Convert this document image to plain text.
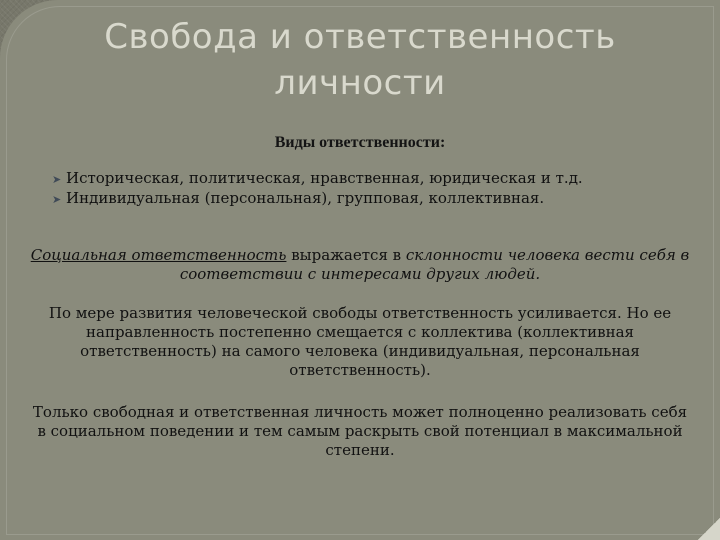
Свобода и ответственность
личности
Виды ответственности:
➤ Историческая, политическая, нравственная, юридическая и т.д.
➤ Индивидуальная (персональная), групповая, коллективная.
Социальная ответственность выражается в склонности человека вести себя в соответствии с интересами других людей.
По мере развития человеческой свободы ответственность усиливается. Но ее направленность постепенно смещается с коллектива (коллективная ответственность) на самого человека (индивидуальная, персональная ответственность).
Только свободная и ответственная личность может полноценно реализовать себя в социальном поведении и тем самым раскрыть свой потенциал в максимальной степени.
